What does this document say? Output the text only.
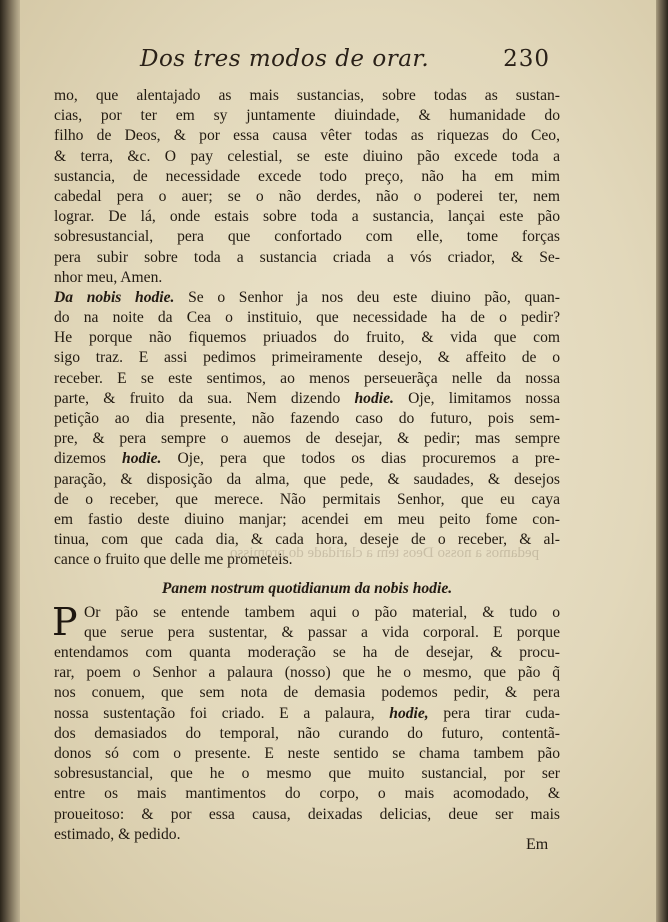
Dos tres modos de orar.	230
pedamos a nosso Deos tem a claridade do promisso
mo, que alentajado as mais sustancias, sobre todas as sustan-
cias, por ter em sy juntamente diuindade, & humanidade do
filho de Deos, & por essa causa vêter todas as riquezas do Ceo,
& terra, &c. O pay celestial, se este diuino pão excede toda a
sustancia, de necessidade excede todo preço, não ha em mim
cabedal pera o auer; se o não derdes, não o poderei ter, nem
lograr. De lá, onde estais sobre toda a sustancia, lançai este pão
sobresustancial, pera que confortado com elle, tome forças
pera subir sobre toda a sustancia criada a vós criador, & Se-
nhor meu, Amen.
Da nobis hodie. Se o Senhor ja nos deu este diuino pão, quan-
do na noite da Cea o instituio, que necessidade ha de o pedir?
He porque não fiquemos priuados do fruito, & vida que com
sigo traz. E assi pedimos primeiramente desejo, & affeito de o
receber. E se este sentimos, ao menos perseuerãça nelle da nossa
parte, & fruito da sua. Nem dizendo hodie. Oje, limitamos nossa
petição ao dia presente, não fazendo caso do futuro, pois sem-
pre, & pera sempre o auemos de desejar, & pedir; mas sempre
dizemos hodie. Oje, pera que todos os dias procuremos a pre-
paração, & disposição da alma, que pede, & saudades, & desejos
de o receber, que merece. Não permitais Senhor, que eu caya
em fastio deste diuino manjar; acendei em meu peito fome con-
tinua, com que cada dia, & cada hora, deseje de o receber, & al-
cance o fruito que delle me prometeis.
Panem nostrum quotidianum da nobis hodie.
P Or pão se entende tambem aqui o pão material, & tudo o
que serue pera sustentar, & passar a vida corporal. E porque
entendamos com quanta moderação se ha de desejar, & procu-
rar, poem o Senhor a palaura (nosso) que he o mesmo, que pão q̃
nos conuem, que sem nota de demasia podemos pedir, & pera
nossa sustentação foi criado. E a palaura, hodie, pera tirar cuda-
dos demasiados do temporal, não curando do futuro, contentã-
donos só com o presente. E neste sentido se chama tambem pão
sobresustancial, que he o mesmo que muito sustancial, por ser
entre os mais mantimentos do corpo, o mais acomodado, &
proueitoso: & por essa causa, deixadas delicias, deue ser mais
estimado, & pedido.
Em
